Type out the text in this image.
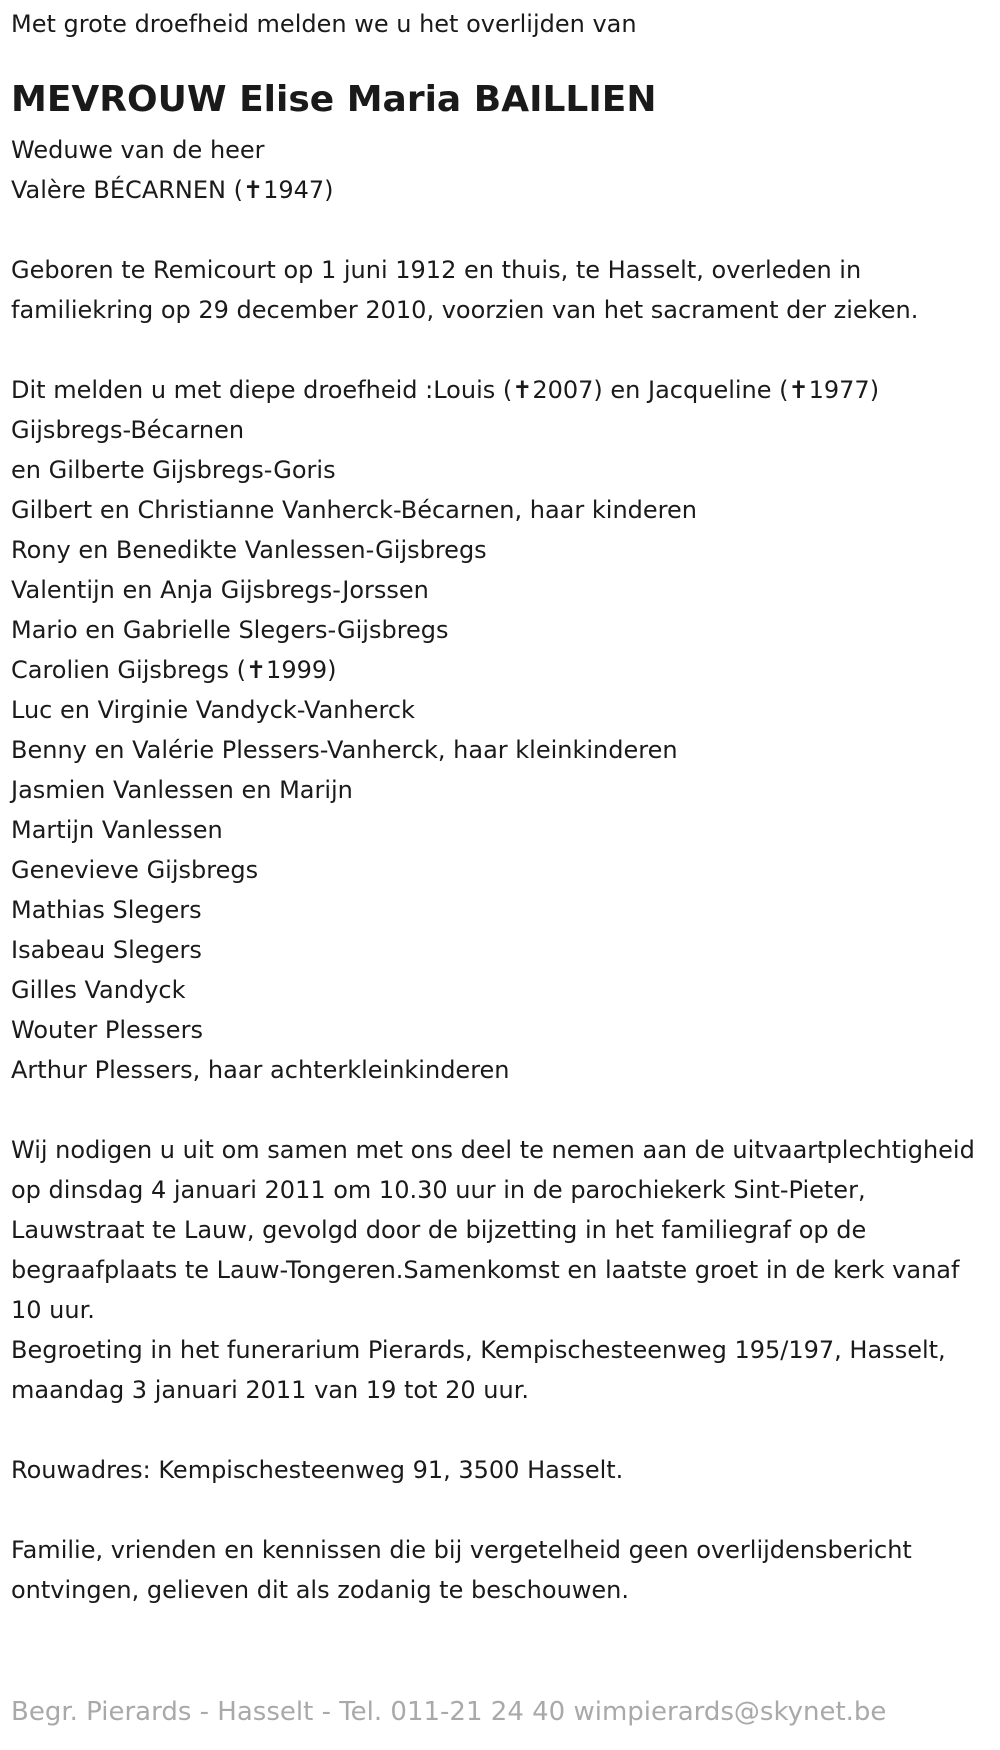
Met grote droefheid melden we u het overlijden van

MEVROUW Elise Maria BAILLIEN

Weduwe van de heer

Valère BÉCARNEN (✝1947)

Geboren te Remicourt op 1 juni 1912 en thuis, te Hasselt, overleden in familiekring op 29 december 2010, voorzien van het sacrament der zieken.

Dit melden u met diepe droefheid :Louis (✝2007) en Jacqueline (✝1977)

Gijsbregs-Bécarnen

en Gilberte Gijsbregs-Goris

Gilbert en Christianne Vanherck-Bécarnen, haar kinderen

Rony en Benedikte Vanlessen-Gijsbregs

Valentijn en Anja Gijsbregs-Jorssen

Mario en Gabrielle Slegers-Gijsbregs

Carolien Gijsbregs (✝1999)

Luc en Virginie Vandyck-Vanherck

Benny en Valérie Plessers-Vanherck, haar kleinkinderen

Jasmien Vanlessen en Marijn

Martijn Vanlessen

Genevieve Gijsbregs

Mathias Slegers

Isabeau Slegers

Gilles Vandyck

Wouter Plessers

Arthur Plessers, haar achterkleinkinderen

Wij nodigen u uit om samen met ons deel te nemen aan de uitvaartplechtigheid op dinsdag 4 januari 2011 om 10.30 uur in de parochiekerk Sint-Pieter, Lauwstraat te Lauw, gevolgd door de bijzetting in het familiegraf op de begraafplaats te Lauw-Tongeren.Samenkomst en laatste groet in de kerk vanaf 10 uur.

Begroeting in het funerarium Pierards, Kempischesteenweg 195/197, Hasselt, maandag 3 januari 2011 van 19 tot 20 uur.

Rouwadres: Kempischesteenweg 91, 3500 Hasselt.

Familie, vrienden en kennissen die bij vergetelheid geen overlijdensbericht ontvingen, gelieven dit als zodanig te beschouwen.

Begr. Pierards - Hasselt - Tel. 011-21 24 40 wimpierards@skynet.be
